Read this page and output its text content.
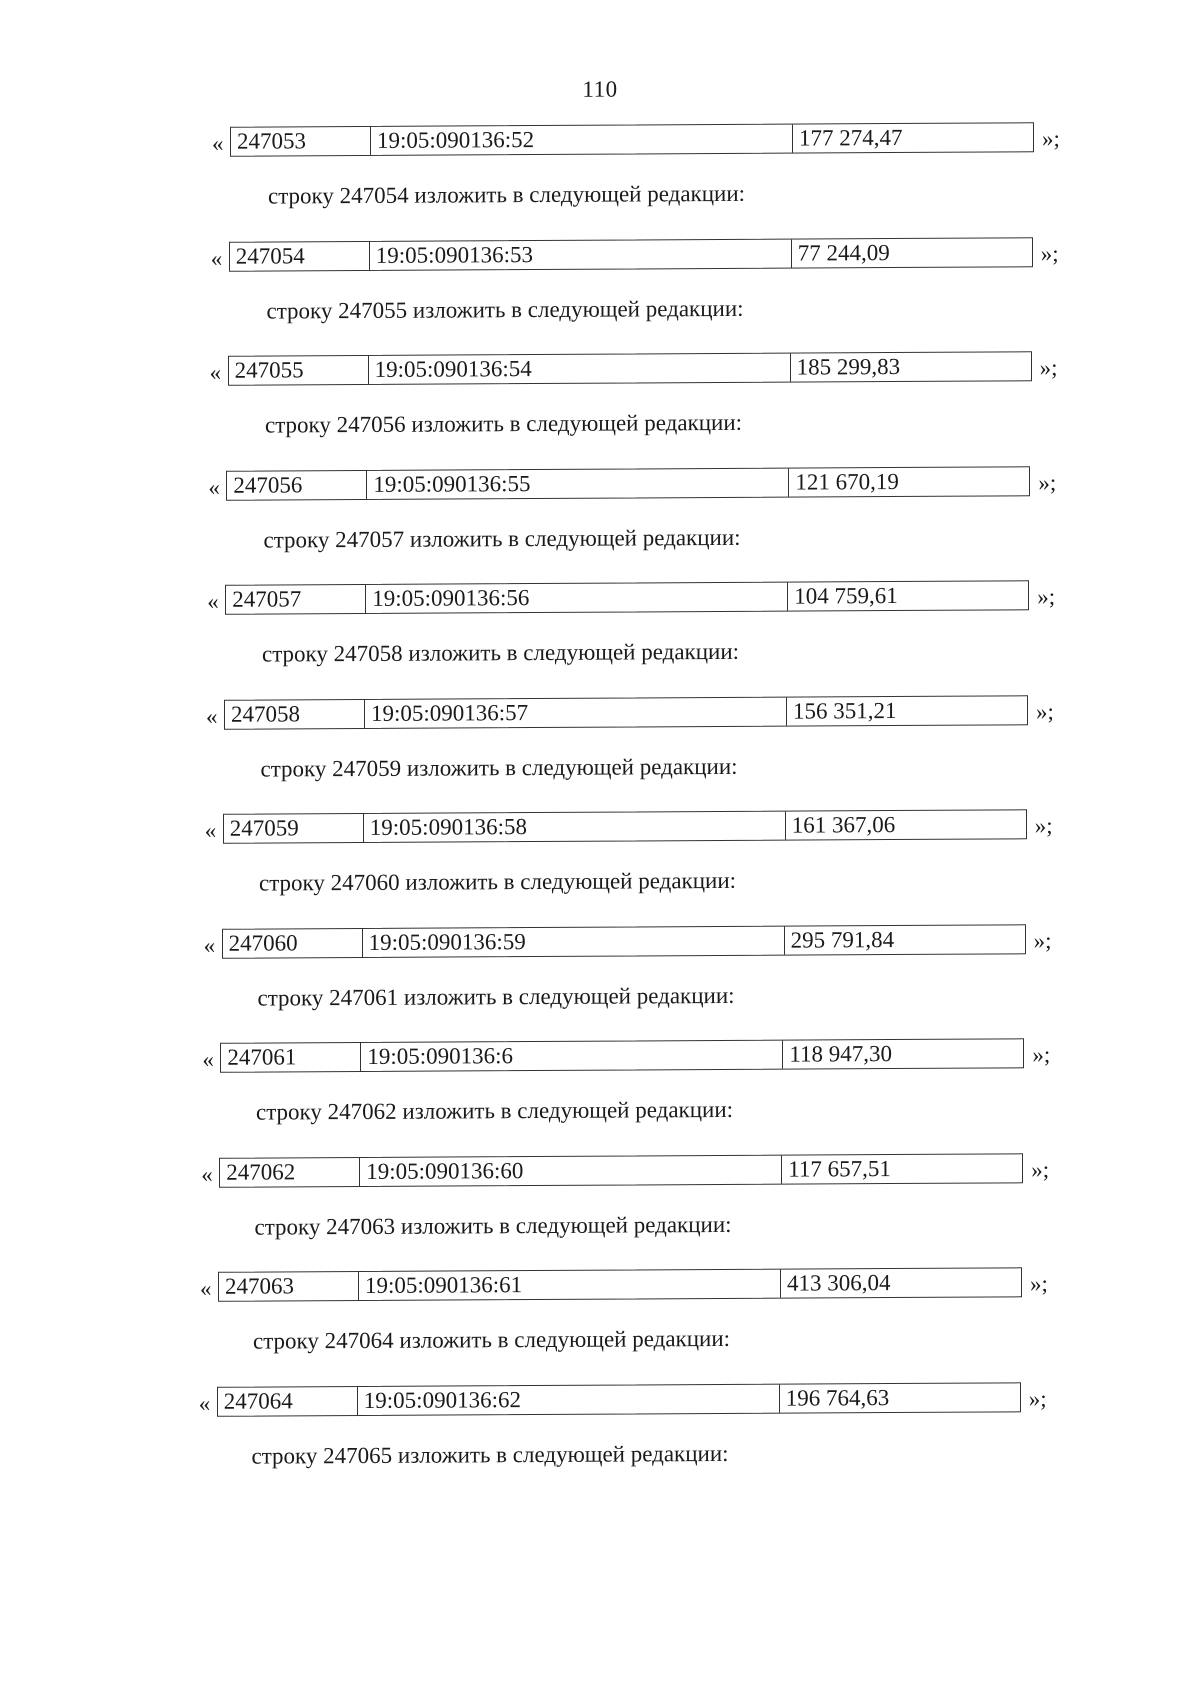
110
« 247053	19:05:090136:52	177 274,47	»;
« 247054	19:05:090136:53	77 244,09	»;
« 247055	19:05:090136:54	185 299,83	»;
« 247056	19:05:090136:55	121 670,19	»;
« 247057	19:05:090136:56	104 759,61	»;
« 247058	19:05:090136:57	156 351,21	»;
« 247059	19:05:090136:58	161 367,06	»;
« 247060	19:05:090136:59	295 791,84	»;
« 247061	19:05:090136:6	118 947,30	»;
« 247062	19:05:090136:60	117 657,51	»;
« 247063	19:05:090136:61	413 306,04	»;
« 247064	19:05:090136:62	196 764,63	»;
строку 247054 изложить в следующей редакции:
строку 247055 изложить в следующей редакции:
строку 247056 изложить в следующей редакции:
строку 247057 изложить в следующей редакции:
строку 247058 изложить в следующей редакции:
строку 247059 изложить в следующей редакции:
строку 247060 изложить в следующей редакции:
строку 247061 изложить в следующей редакции:
строку 247062 изложить в следующей редакции:
строку 247063 изложить в следующей редакции:
строку 247064 изложить в следующей редакции:
строку 247065 изложить в следующей редакции:
